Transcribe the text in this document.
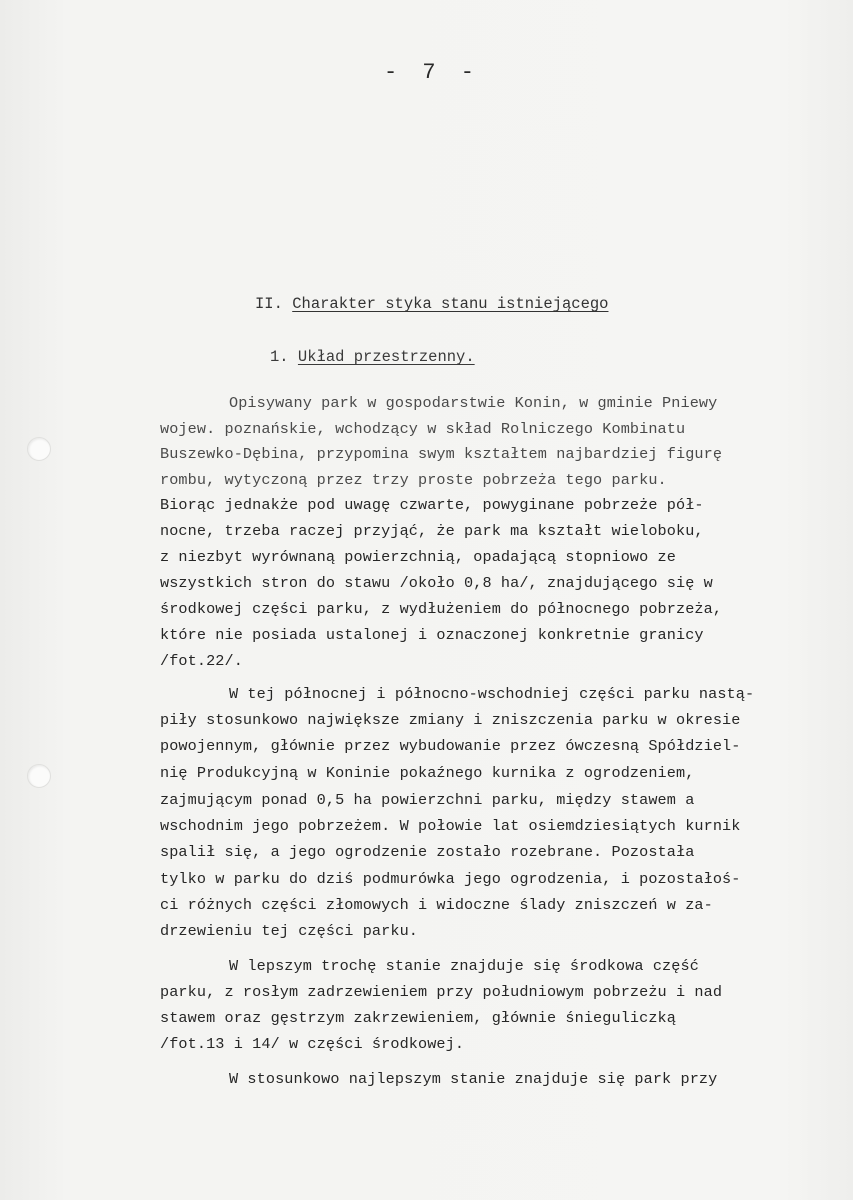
- 7 -
II. Charakter styka stanu istniejącego
1. Układ przestrzenny.
Opisywany park w gospodarstwie Konin, w gminie Pniewy
wojew. poznańskie, wchodzący w skład Rolniczego Kombinatu
Buszewko-Dębina, przypomina swym kształtem najbardziej figurę
rombu, wytyczoną przez trzy proste pobrzeża tego parku.
Biorąc jednakże pod uwagę czwarte, powyginane pobrzeże pół-
nocne, trzeba raczej przyjąć, że park ma kształt wieloboku,
z niezbyt wyrównaną powierzchnią, opadającą stopniowo ze
wszystkich stron do stawu /około 0,8 ha/, znajdującego się w
środkowej części parku, z wydłużeniem do północnego pobrzeża,
które nie posiada ustalonej i oznaczonej konkretnie granicy
/fot.22/.
W tej północnej i północno-wschodniej części parku nastą-
piły stosunkowo największe zmiany i zniszczenia parku w okresie
powojennym, głównie przez wybudowanie przez ówczesną Spółdziel-
nię Produkcyjną w Koninie pokaźnego kurnika z ogrodzeniem,
zajmującym ponad 0,5 ha powierzchni parku, między stawem a
wschodnim jego pobrzeżem. W połowie lat osiemdziesiątych kurnik
spalił się, a jego ogrodzenie zostało rozebrane. Pozostała
tylko w parku do dziś podmurówka jego ogrodzenia, i pozostałoś-
ci różnych części złomowych i widoczne ślady zniszczeń w za-
drzewieniu tej części parku.
W lepszym trochę stanie znajduje się środkowa część
parku, z rosłym zadrzewieniem przy południowym pobrzeżu i nad
stawem oraz gęstrzym zakrzewieniem, głównie śnieguliczką
/fot.13 i 14/ w części środkowej.
W stosunkowo najlepszym stanie znajduje się park przy
